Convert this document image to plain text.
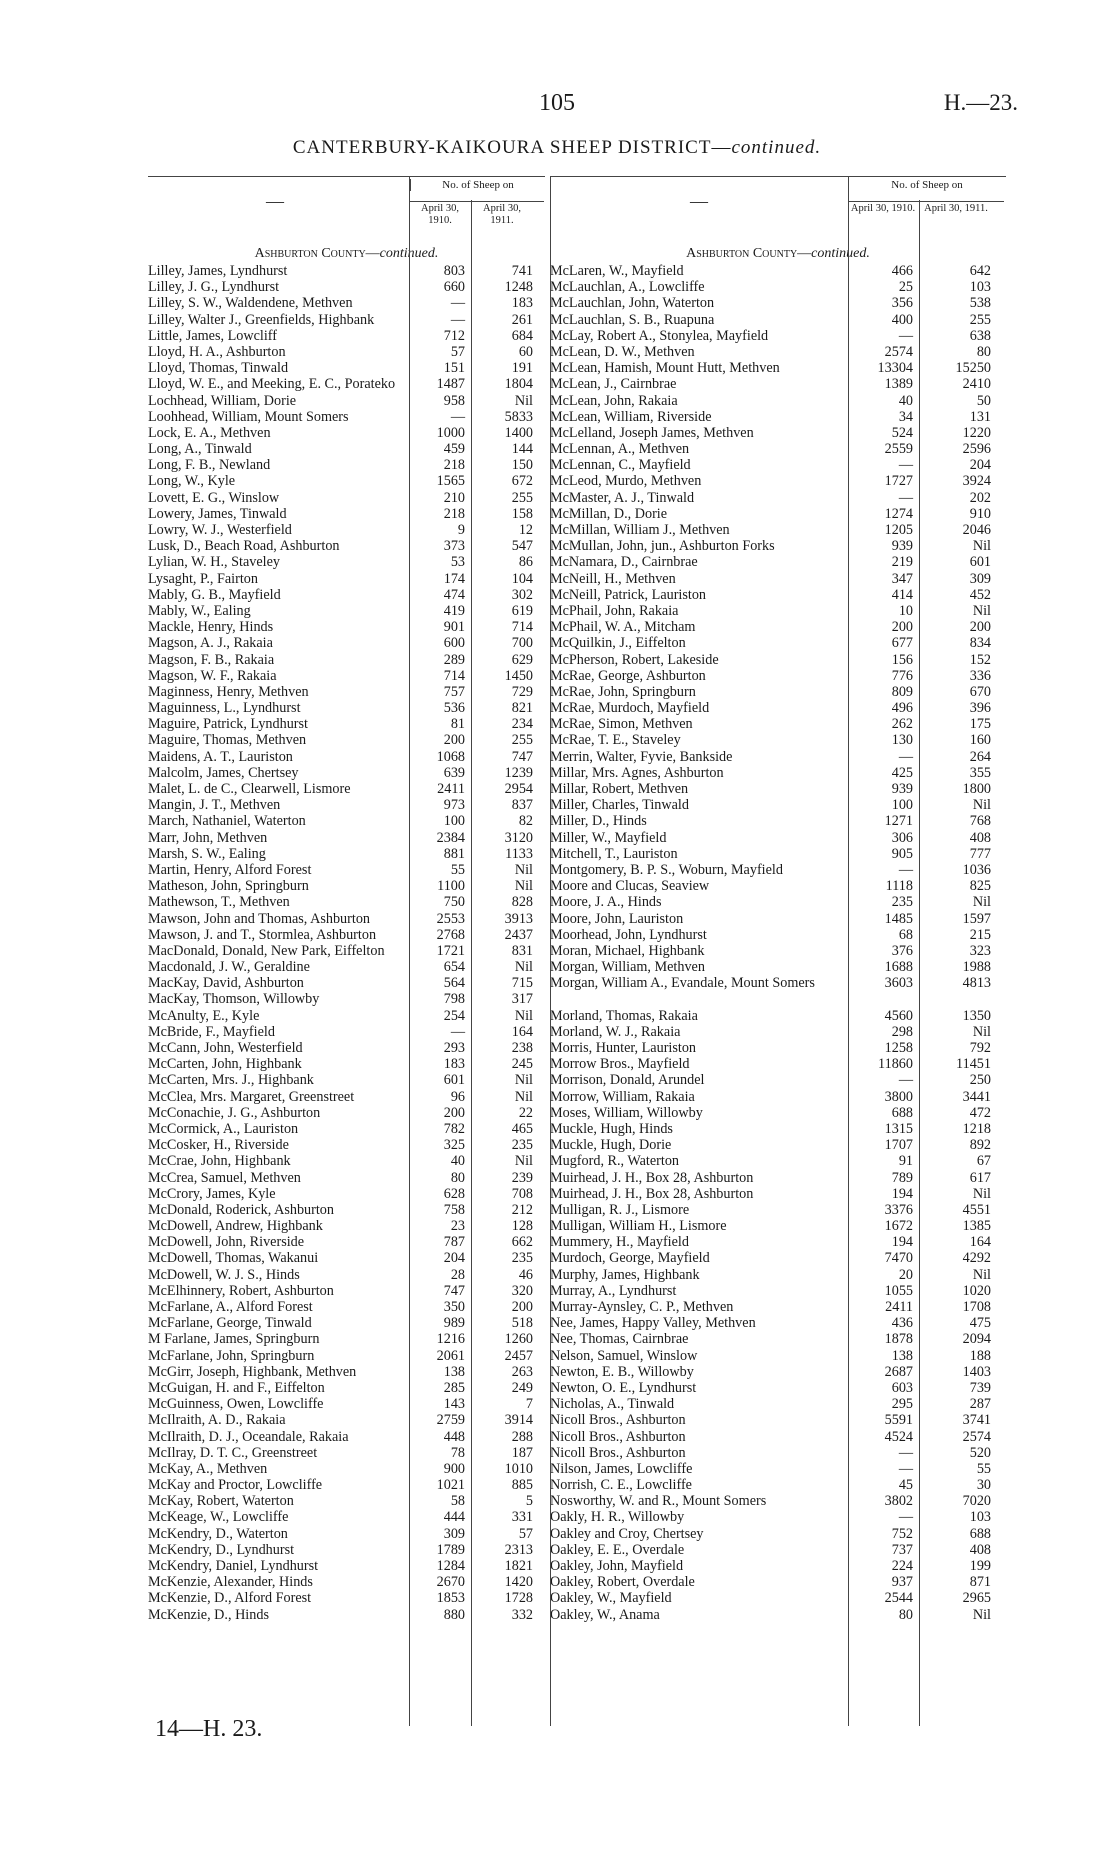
105	H.—23.
CANTERBURY-KAIKOURA SHEEP DISTRICT—continued.
—
No. of Sheep on
April 30, 1910.
April 30, 1911.
Ashburton County—continued.
Lilley, James, Lyndhurst	803	741
Lilley, J. G., Lyndhurst	660	1248
Lilley, S. W., Waldendene, Methven	—	183
Lilley, Walter J., Greenfields, Highbank	—	261
Little, James, Lowcliff	712	684
Lloyd, H. A., Ashburton	57	60
Lloyd, Thomas, Tinwald	151	191
Lloyd, W. E., and Meeking, E. C., Porateko	1487	1804
Lochhead, William, Dorie	958	Nil
Loohhead, William, Mount Somers	—	5833
Lock, E. A., Methven	1000	1400
Long, A., Tinwald	459	144
Long, F. B., Newland	218	150
Long, W., Kyle	1565	672
Lovett, E. G., Winslow	210	255
Lowery, James, Tinwald	218	158
Lowry, W. J., Westerfield	9	12
Lusk, D., Beach Road, Ashburton	373	547
Lylian, W. H., Staveley	53	86
Lysaght, P., Fairton	174	104
Mably, G. B., Mayfield	474	302
Mably, W., Ealing	419	619
Mackle, Henry, Hinds	901	714
Magson, A. J., Rakaia	600	700
Magson, F. B., Rakaia	289	629
Magson, W. F., Rakaia	714	1450
Maginness, Henry, Methven	757	729
Maguinness, L., Lyndhurst	536	821
Maguire, Patrick, Lyndhurst	81	234
Maguire, Thomas, Methven	200	255
Maidens, A. T., Lauriston	1068	747
Malcolm, James, Chertsey	639	1239
Malet, L. de C., Clearwell, Lismore	2411	2954
Mangin, J. T., Methven	973	837
March, Nathaniel, Waterton	100	82
Marr, John, Methven	2384	3120
Marsh, S. W., Ealing	881	1133
Martin, Henry, Alford Forest	55	Nil
Matheson, John, Springburn	1100	Nil
Mathewson, T., Methven	750	828
Mawson, John and Thomas, Ashburton	2553	3913
Mawson, J. and T., Stormlea, Ashburton	2768	2437
MacDonald, Donald, New Park, Eiffelton	1721	831
Macdonald, J. W., Geraldine	654	Nil
MacKay, David, Ashburton	564	715
MacKay, Thomson, Willowby	798	317
McAnulty, E., Kyle	254	Nil
McBride, F., Mayfield	—	164
McCann, John, Westerfield	293	238
McCarten, John, Highbank	183	245
McCarten, Mrs. J., Highbank	601	Nil
McClea, Mrs. Margaret, Greenstreet	96	Nil
McConachie, J. G., Ashburton	200	22
McCormick, A., Lauriston	782	465
McCosker, H., Riverside	325	235
McCrae, John, Highbank	40	Nil
McCrea, Samuel, Methven	80	239
McCrory, James, Kyle	628	708
McDonald, Roderick, Ashburton	758	212
McDowell, Andrew, Highbank	23	128
McDowell, John, Riverside	787	662
McDowell, Thomas, Wakanui	204	235
McDowell, W. J. S., Hinds	28	46
McElhinnery, Robert, Ashburton	747	320
McFarlane, A., Alford Forest	350	200
McFarlane, George, Tinwald	989	518
M Farlane, James, Springburn	1216	1260
McFarlane, John, Springburn	2061	2457
McGirr, Joseph, Highbank, Methven	138	263
McGuigan, H. and F., Eiffelton	285	249
McGuinness, Owen, Lowcliffe	143	7
McIlraith, A. D., Rakaia	2759	3914
McIlraith, D. J., Oceandale, Rakaia	448	288
McIlray, D. T. C., Greenstreet	78	187
McKay, A., Methven	900	1010
McKay and Proctor, Lowcliffe	1021	885
McKay, Robert, Waterton	58	5
McKeage, W., Lowcliffe	444	331
McKendry, D., Waterton	309	57
McKendry, D., Lyndhurst	1789	2313
McKendry, Daniel, Lyndhurst	1284	1821
McKenzie, Alexander, Hinds	2670	1420
McKenzie, D., Alford Forest	1853	1728
McKenzie, D., Hinds	880	332
—
No. of Sheep on
April 30, 1910. April 30, 1911.
Ashburton County—continued.
McLaren, W., Mayfield	466	642
McLauchlan, A., Lowcliffe	25	103
McLauchlan, John, Waterton	356	538
McLauchlan, S. B., Ruapuna	400	255
McLay, Robert A., Stonylea, Mayfield	—	638
McLean, D. W., Methven	2574	80
McLean, Hamish, Mount Hutt, Methven	13304	15250
McLean, J., Cairnbrae	1389	2410
McLean, John, Rakaia	40	50
McLean, William, Riverside	34	131
McLelland, Joseph James, Methven	524	1220
McLennan, A., Methven	2559	2596
McLennan, C., Mayfield	—	204
McLeod, Murdo, Methven	1727	3924
McMaster, A. J., Tinwald	—	202
McMillan, D., Dorie	1274	910
McMillan, William J., Methven	1205	2046
McMullan, John, jun., Ashburton Forks	939	Nil
McNamara, D., Cairnbrae	219	601
McNeill, H., Methven	347	309
McNeill, Patrick, Lauriston	414	452
McPhail, John, Rakaia	10	Nil
McPhail, W. A., Mitcham	200	200
McQuilkin, J., Eiffelton	677	834
McPherson, Robert, Lakeside	156	152
McRae, George, Ashburton	776	336
McRae, John, Springburn	809	670
McRae, Murdoch, Mayfield	496	396
McRae, Simon, Methven	262	175
McRae, T. E., Staveley	130	160
Merrin, Walter, Fyvie, Bankside	—	264
Millar, Mrs. Agnes, Ashburton	425	355
Millar, Robert, Methven	939	1800
Miller, Charles, Tinwald	100	Nil
Miller, D., Hinds	1271	768
Miller, W., Mayfield	306	408
Mitchell, T., Lauriston	905	777
Montgomery, B. P. S., Woburn, Mayfield	—	1036
Moore and Clucas, Seaview	1118	825
Moore, J. A., Hinds	235	Nil
Moore, John, Lauriston	1485	1597
Moorhead, John, Lyndhurst	68	215
Moran, Michael, Highbank	376	323
Morgan, William, Methven	1688	1988
Morgan, William A., Evandale, Mount Somers	3603	4813
Morland, Thomas, Rakaia	4560	1350
Morland, W. J., Rakaia	298	Nil
Morris, Hunter, Lauriston	1258	792
Morrow Bros., Mayfield	11860	11451
Morrison, Donald, Arundel	—	250
Morrow, William, Rakaia	3800	3441
Moses, William, Willowby	688	472
Muckle, Hugh, Hinds	1315	1218
Muckle, Hugh, Dorie	1707	892
Mugford, R., Waterton	91	67
Muirhead, J. H., Box 28, Ashburton	789	617
Muirhead, J. H., Box 28, Ashburton	194	Nil
Mulligan, R. J., Lismore	3376	4551
Mulligan, William H., Lismore	1672	1385
Mummery, H., Mayfield	194	164
Murdoch, George, Mayfield	7470	4292
Murphy, James, Highbank	20	Nil
Murray, A., Lyndhurst	1055	1020
Murray-Aynsley, C. P., Methven	2411	1708
Nee, James, Happy Valley, Methven	436	475
Nee, Thomas, Cairnbrae	1878	2094
Nelson, Samuel, Winslow	138	188
Newton, E. B., Willowby	2687	1403
Newton, O. E., Lyndhurst	603	739
Nicholas, A., Tinwald	295	287
Nicoll Bros., Ashburton	5591	3741
Nicoll Bros., Ashburton	4524	2574
Nicoll Bros., Ashburton	—	520
Nilson, James, Lowcliffe	—	55
Norrish, C. E., Lowcliffe	45	30
Nosworthy, W. and R., Mount Somers	3802	7020
Oakly, H. R., Willowby	—	103
Oakley and Croy, Chertsey	752	688
Oakley, E. E., Overdale	737	408
Oakley, John, Mayfield	224	199
Oakley, Robert, Overdale	937	871
Oakley, W., Mayfield	2544	2965
Oakley, W., Anama	80	Nil
14—H. 23.
